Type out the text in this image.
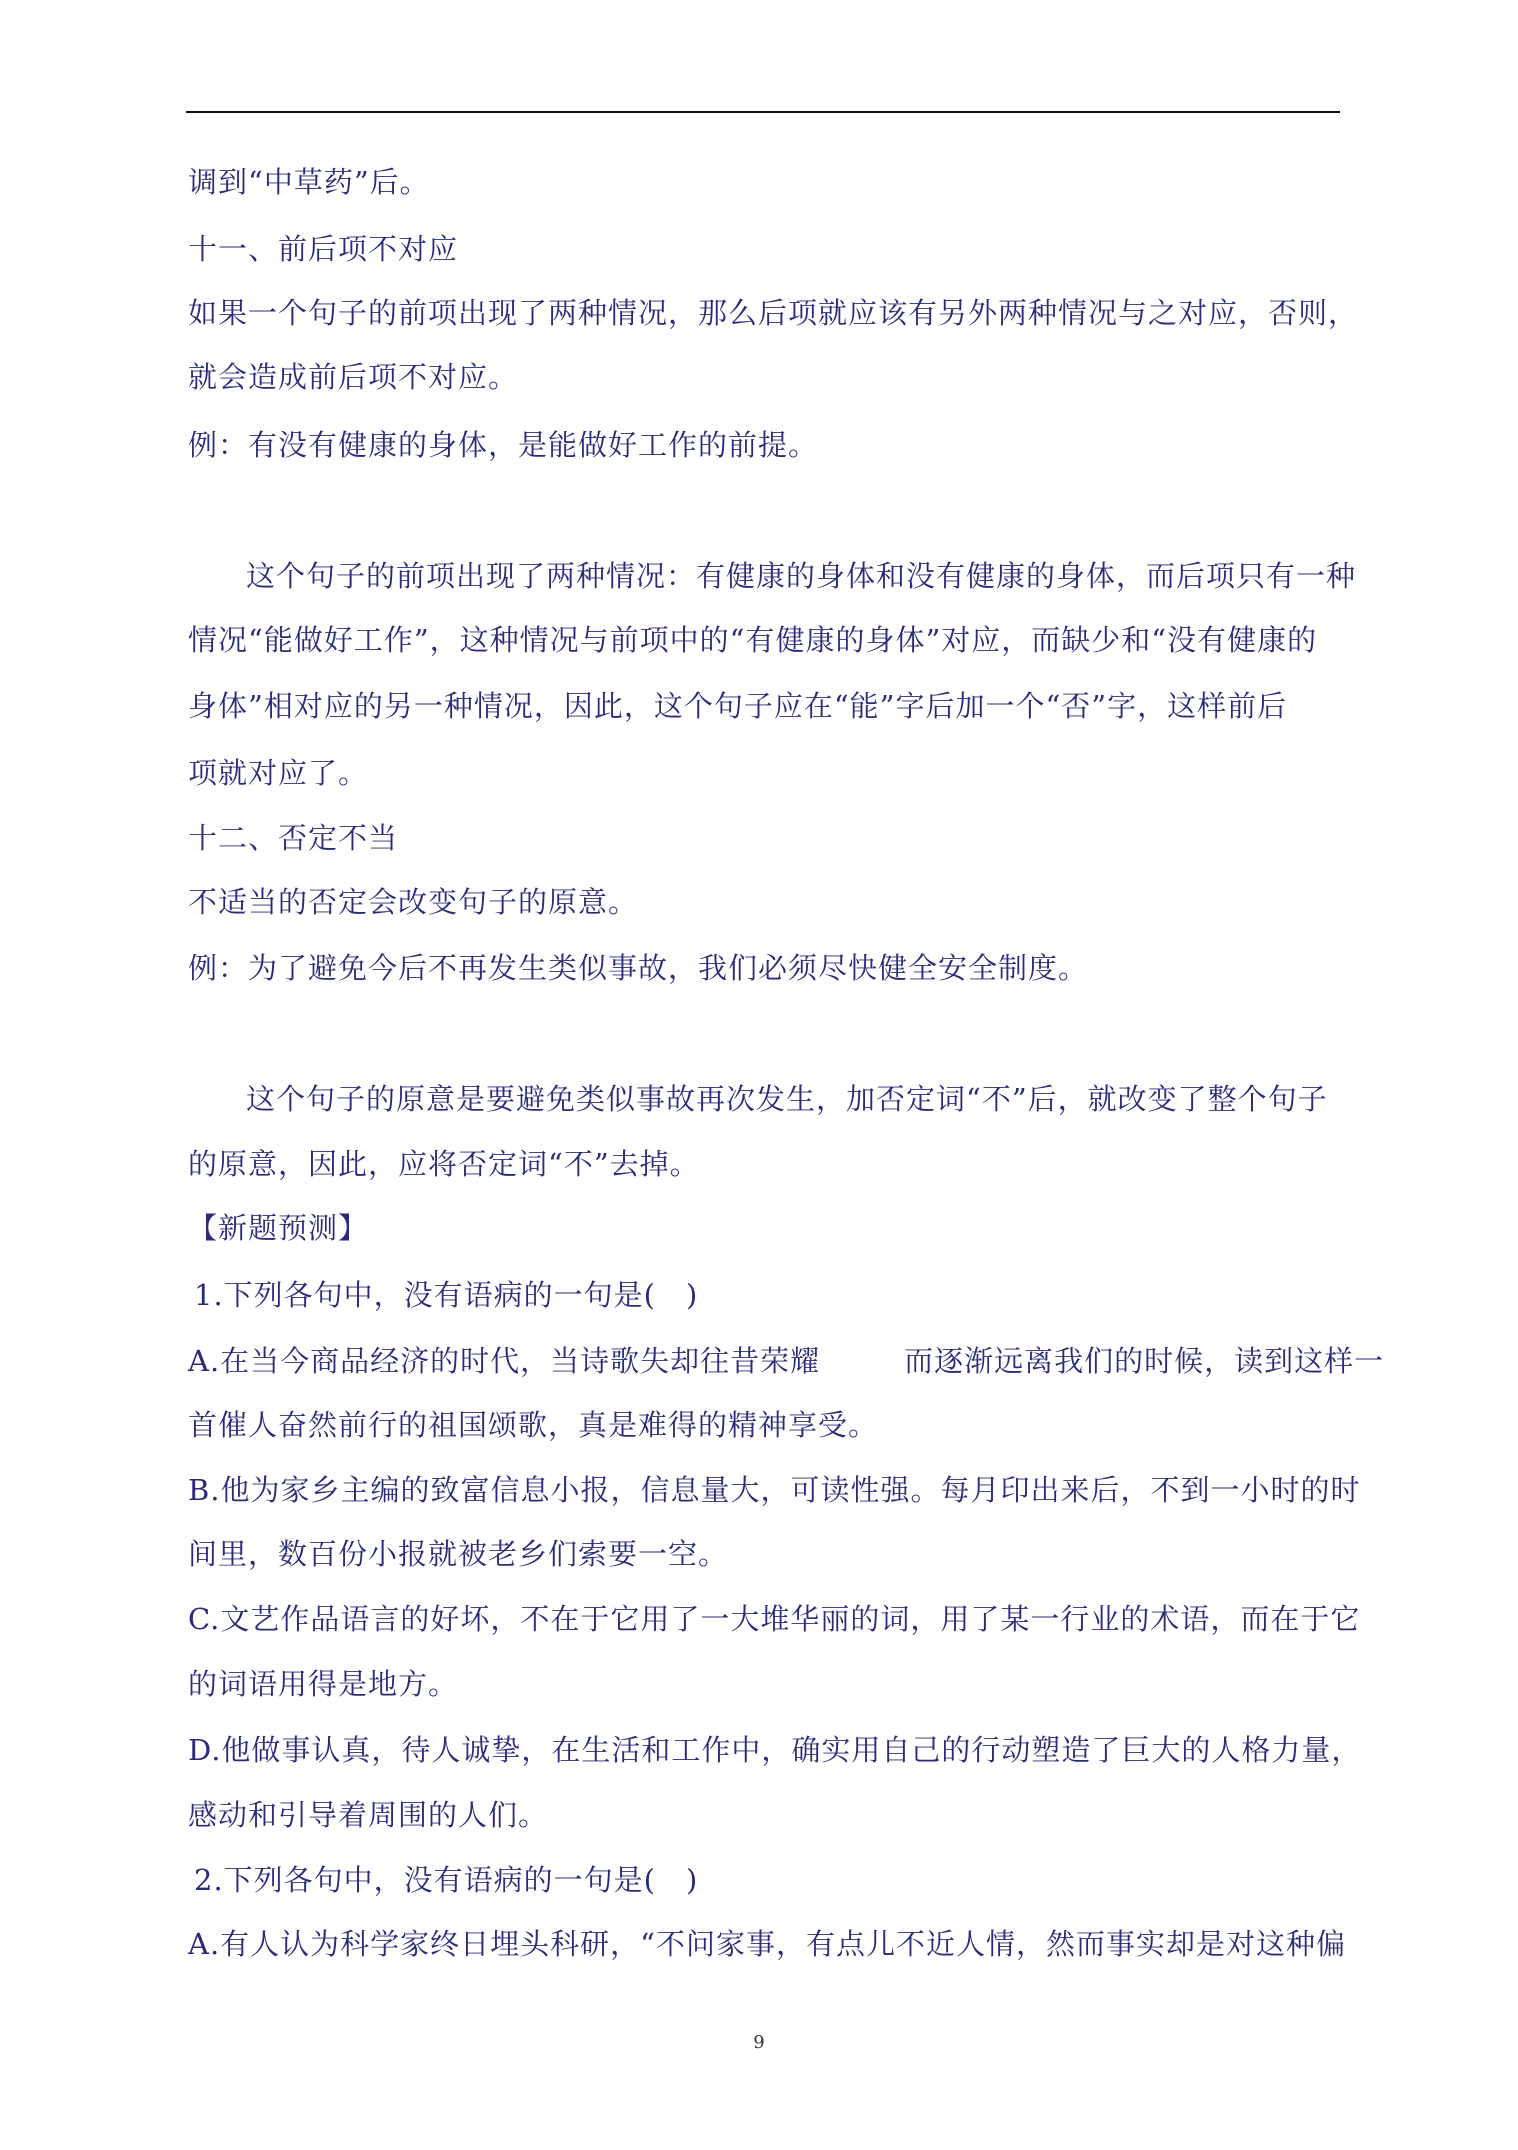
调到“中草药”后。
十一、前后项不对应
如果一个句子的前项出现了两种情况，那么后项就应该有另外两种情况与之对应，否则，
就会造成前后项不对应。
例：有没有健康的身体，是能做好工作的前提。
这个句子的前项出现了两种情况：有健康的身体和没有健康的身体，而后项只有一种
情况“能做好工作”，这种情况与前项中的“有健康的身体”对应，而缺少和“没有健康的
身体”相对应的另一种情况，因此，这个句子应在“能”字后加一个“否”字，这样前后
项就对应了。
十二、否定不当
不适当的否定会改变句子的原意。
例：为了避免今后不再发生类似事故，我们必须尽快健全安全制度。
这个句子的原意是要避免类似事故再次发生，加否定词“不”后，就改变了整个句子
的原意，因此，应将否定词“不”去掉。
【新题预测】
1.下列各句中，没有语病的一句是(　)
A.在当今商品经济的时代，当诗歌失却往昔荣耀	而逐渐远离我们的时候，读到这样一
首催人奋然前行的祖国颂歌，真是难得的精神享受。
B.他为家乡主编的致富信息小报，信息量大，可读性强。每月印出来后，不到一小时的时
间里，数百份小报就被老乡们索要一空。
C.文艺作品语言的好坏，不在于它用了一大堆华丽的词，用了某一行业的术语，而在于它
的词语用得是地方。
D.他做事认真，待人诚挚，在生活和工作中，确实用自己的行动塑造了巨大的人格力量，
感动和引导着周围的人们。
2.下列各句中，没有语病的一句是(　)
A.有人认为科学家终日埋头科研，“不问家事，有点儿不近人情，然而事实却是对这种偏
9
